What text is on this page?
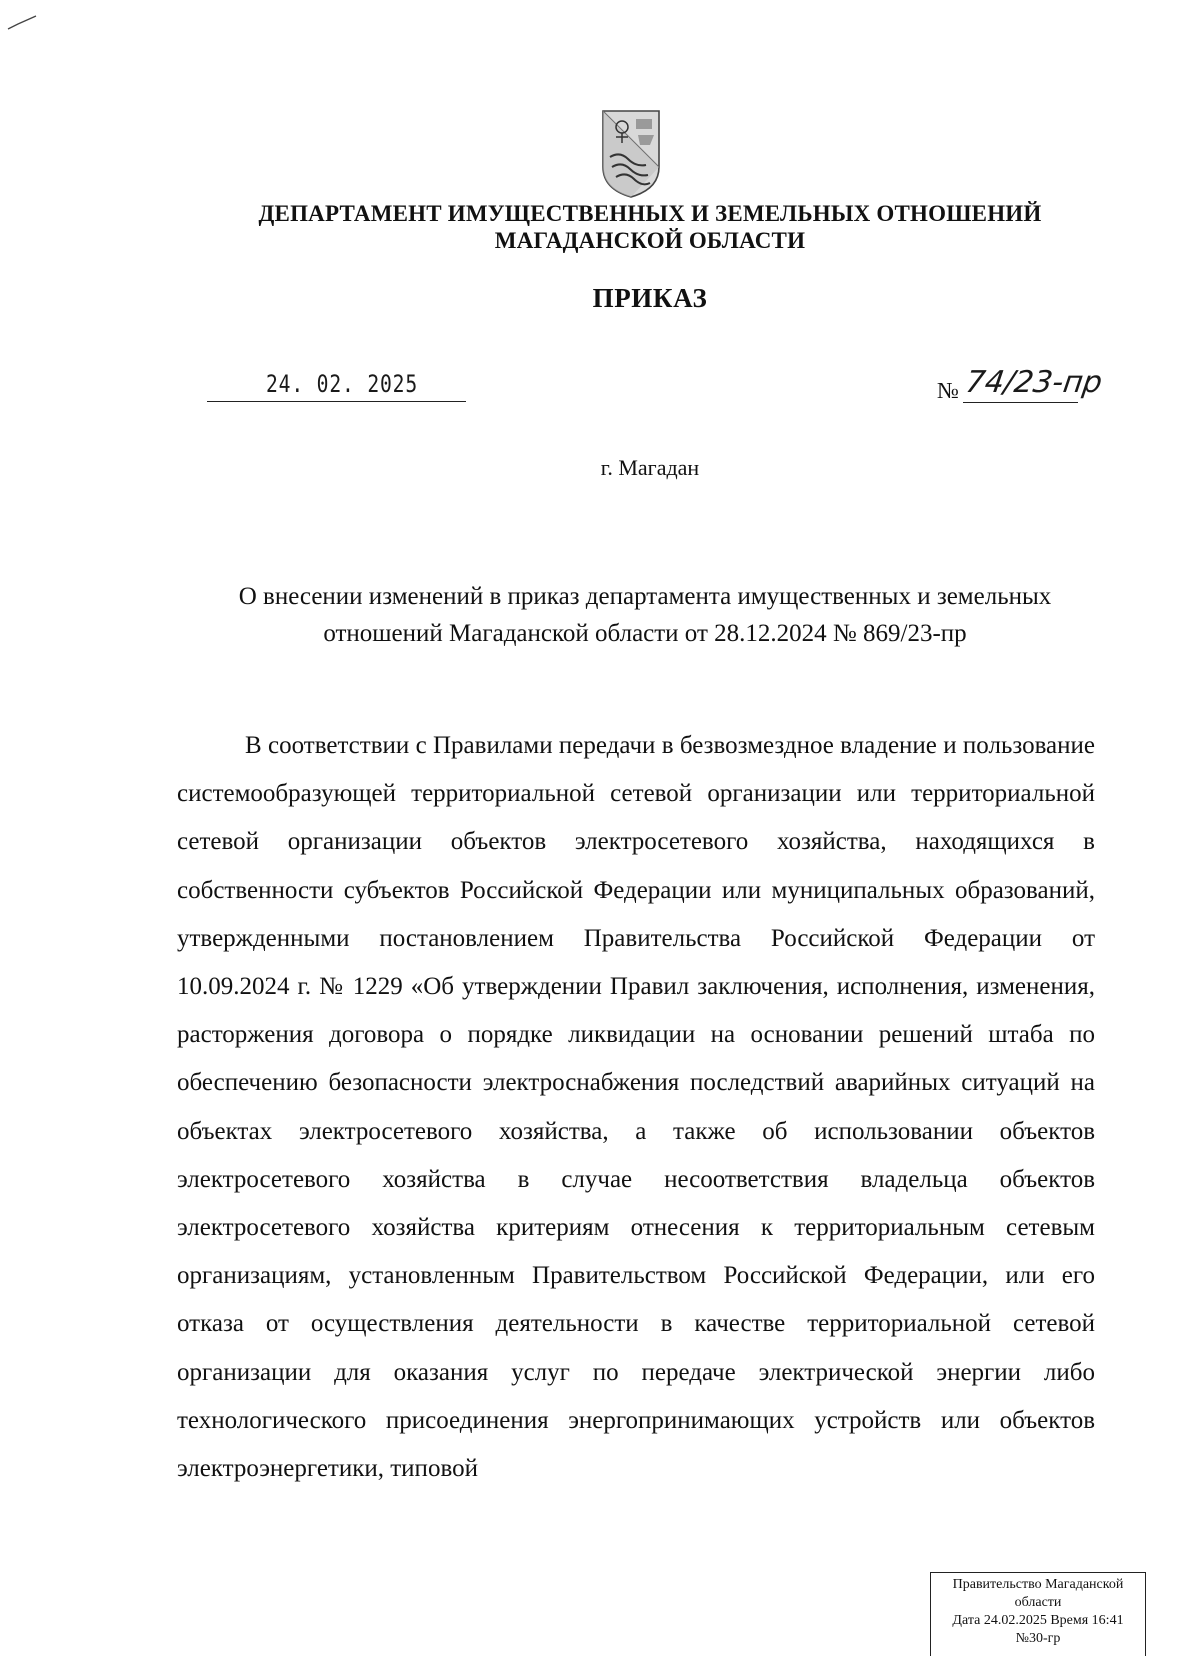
ДЕПАРТАМЕНТ ИМУЩЕСТВЕННЫХ И ЗЕМЕЛЬНЫХ ОТНОШЕНИЙ
МАГАДАНСКОЙ ОБЛАСТИ
ПРИКАЗ
24. 02. 2025	№ 74/23-пр
г. Магадан
О внесении изменений в приказ департамента имущественных и земельных
отношений Магаданской области от 28.12.2024 № 869/23-пр

В соответствии с Правилами передачи в безвозмездное владение и пользование системообразующей территориальной сетевой организации или территориальной сетевой организации объектов электросетевого хозяйства, находящихся в собственности субъектов Российской Федерации или муниципальных образований, утвержденными постановлением Правительства Российской Федерации от 10.09.2024 г. № 1229 «Об утверждении Правил заключения, исполнения, изменения, расторжения договора о порядке ликвидации на основании решений штаба по обеспечению безопасности электроснабжения последствий аварийных ситуаций на объектах электросетевого хозяйства, а также об использовании объектов электросетевого хозяйства в случае несоответствия владельца объектов электросетевого хозяйства критериям отнесения к территориальным сетевым организациям, установленным Правительством Российской Федерации, или его отказа от осуществления деятельности в качестве территориальной сетевой организации для оказания услуг по передаче электрической энергии либо технологического присоединения энергопринимающих устройств или объектов электроэнергетики, типовой

Правительство Магаданской
области
Дата 24.02.2025 Время 16:41
№30-гр
